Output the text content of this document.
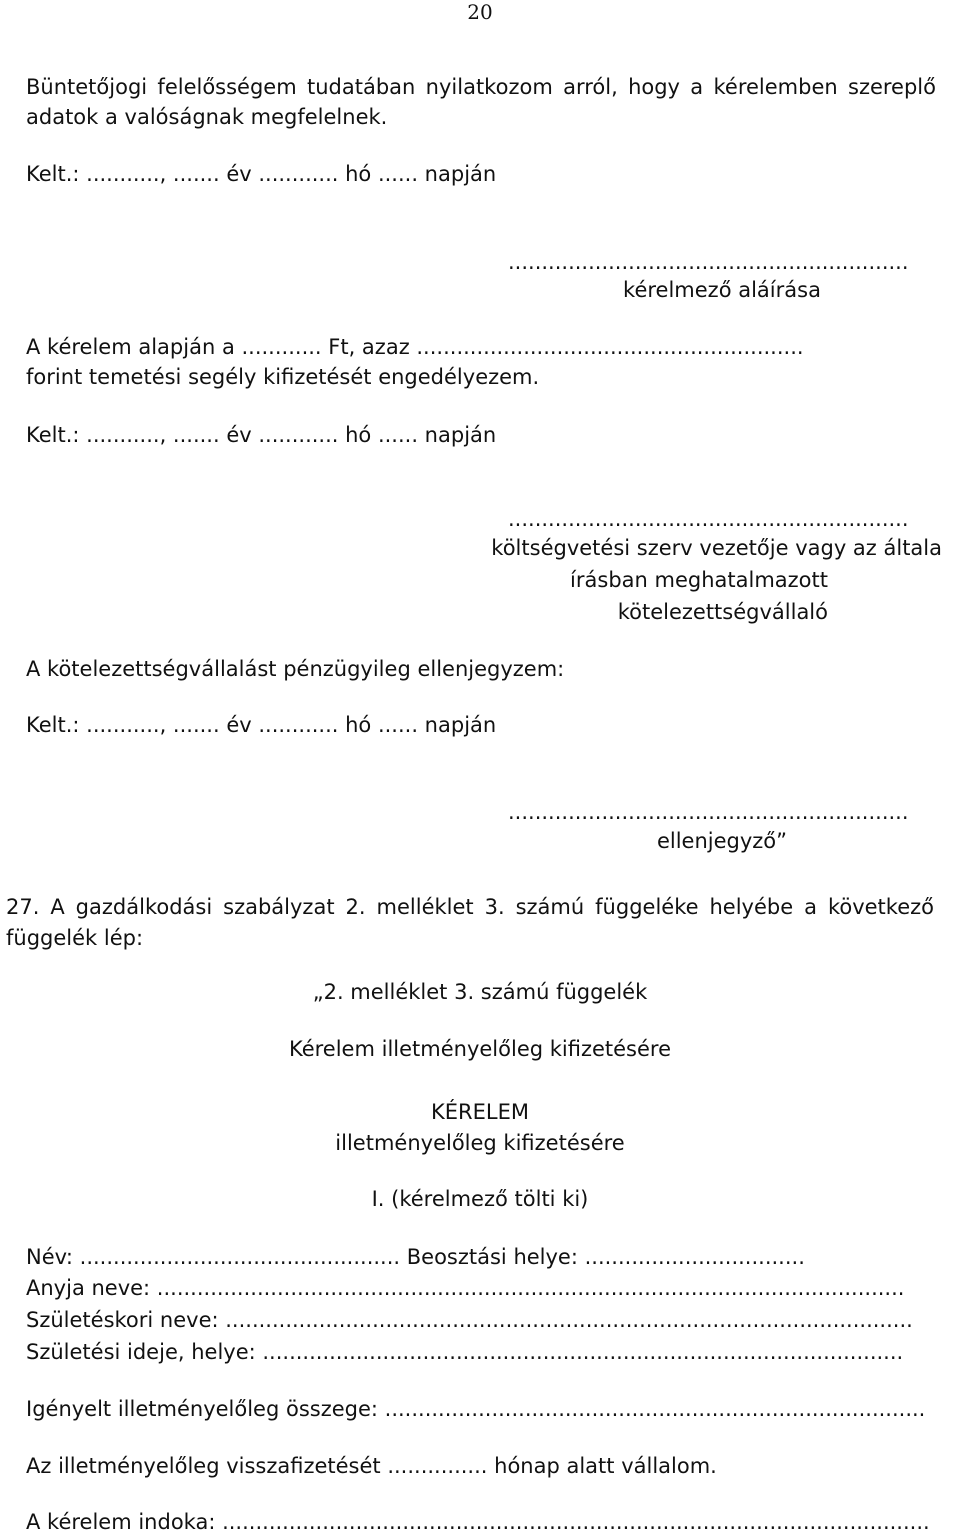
20
Büntetőjogi felelősségem tudatában nyilatkozom arról, hogy a kérelemben szereplő adatok a valóságnak megfelelnek.
Kelt.: ..........., ....... év ............ hó ...... napján
............................................................
kérelmező aláírása
A kérelem alapján a ............ Ft, azaz ..........................................................
forint temetési segély kifizetését engedélyezem.
Kelt.: ..........., ....... év ............ hó ...... napján
............................................................
költségvetési szerv vezetője vagy az általa
írásban meghatalmazott
kötelezettségvállaló
A kötelezettségvállalást pénzügyileg ellenjegyzem:
Kelt.: ..........., ....... év ............ hó ...... napján
............................................................
ellenjegyző”
27. A gazdálkodási szabályzat 2. melléklet 3. számú függeléke helyébe a következő függelék lép:
„2. melléklet 3. számú függelék
Kérelem illetményelőleg kifizetésére
KÉRELEM
illetményelőleg kifizetésére
I. (kérelmező tölti ki)
Név: ................................................ Beosztási helye: .................................
Anyja neve: ................................................................................................................
Születéskori neve: .......................................................................................................
Születési ideje, helye: ................................................................................................
Igényelt illetményelőleg összege: .................................................................................
Az illetményelőleg visszafizetését ............... hónap alatt vállalom.
A kérelem indoka: ..........................................................................................................
